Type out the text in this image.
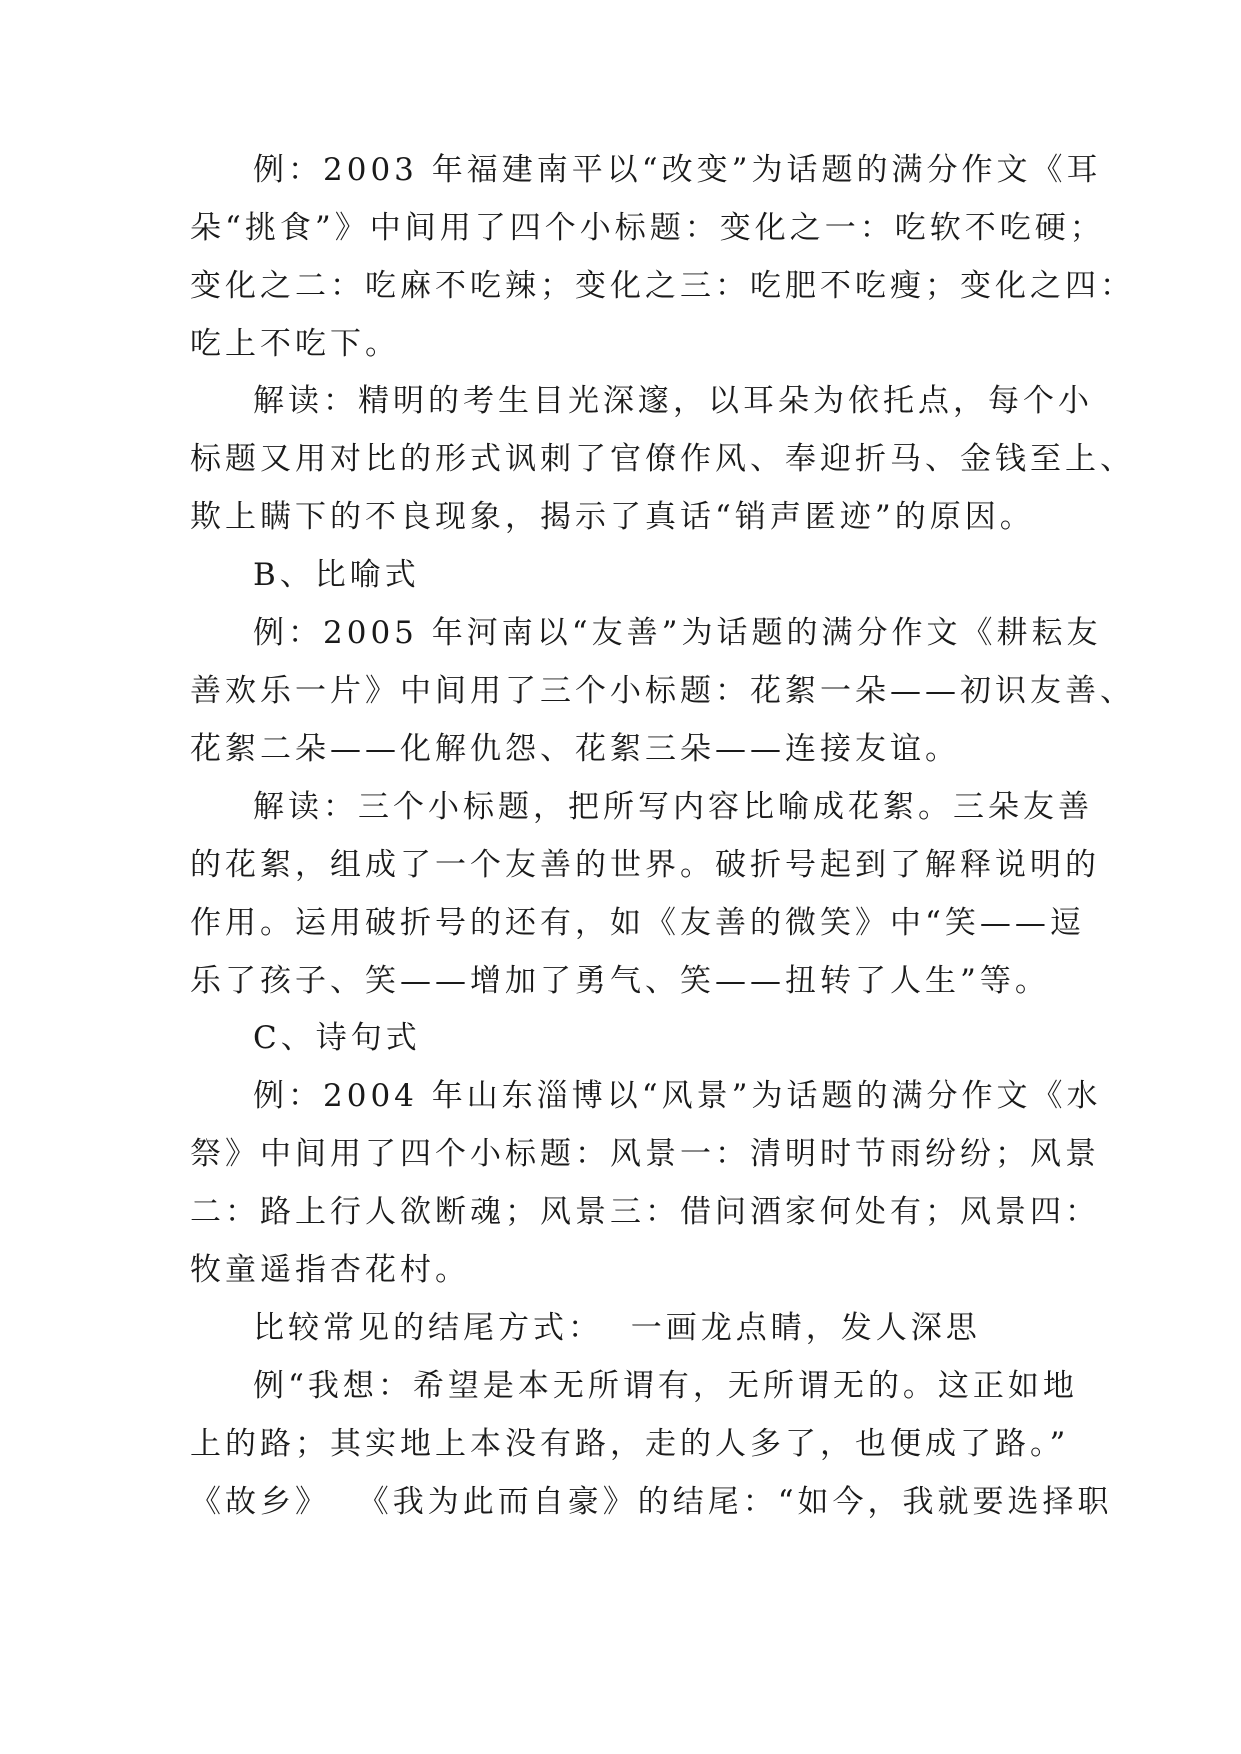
例：2003 年福建南平以“改变”为话题的满分作文《耳
朵“挑食”》中间用了四个小标题：变化之一：吃软不吃硬；
变化之二：吃麻不吃辣；变化之三：吃肥不吃瘦；变化之四：
吃上不吃下。
解读：精明的考生目光深邃，以耳朵为依托点，每个小
标题又用对比的形式讽刺了官僚作风、奉迎折马、金钱至上、
欺上瞒下的不良现象，揭示了真话“销声匿迹”的原因。
B、比喻式
例：2005 年河南以“友善”为话题的满分作文《耕耘友
善欢乐一片》中间用了三个小标题：花絮一朵——初识友善、
花絮二朵——化解仇怨、花絮三朵——连接友谊。
解读：三个小标题，把所写内容比喻成花絮。三朵友善
的花絮，组成了一个友善的世界。破折号起到了解释说明的
作用。运用破折号的还有，如《友善的微笑》中“笑——逗
乐了孩子、笑——增加了勇气、笑——扭转了人生”等。
C、诗句式
例：2004 年山东淄博以“风景”为话题的满分作文《水
祭》中间用了四个小标题：风景一：清明时节雨纷纷；风景
二：路上行人欲断魂；风景三：借问酒家何处有；风景四：
牧童遥指杏花村。
比较常见的结尾方式：  一画龙点睛，发人深思
例“我想：希望是本无所谓有，无所谓无的。这正如地
上的路；其实地上本没有路，走的人多了，也便成了路。”
《故乡》  《我为此而自豪》的结尾：“如今，我就要选择职
